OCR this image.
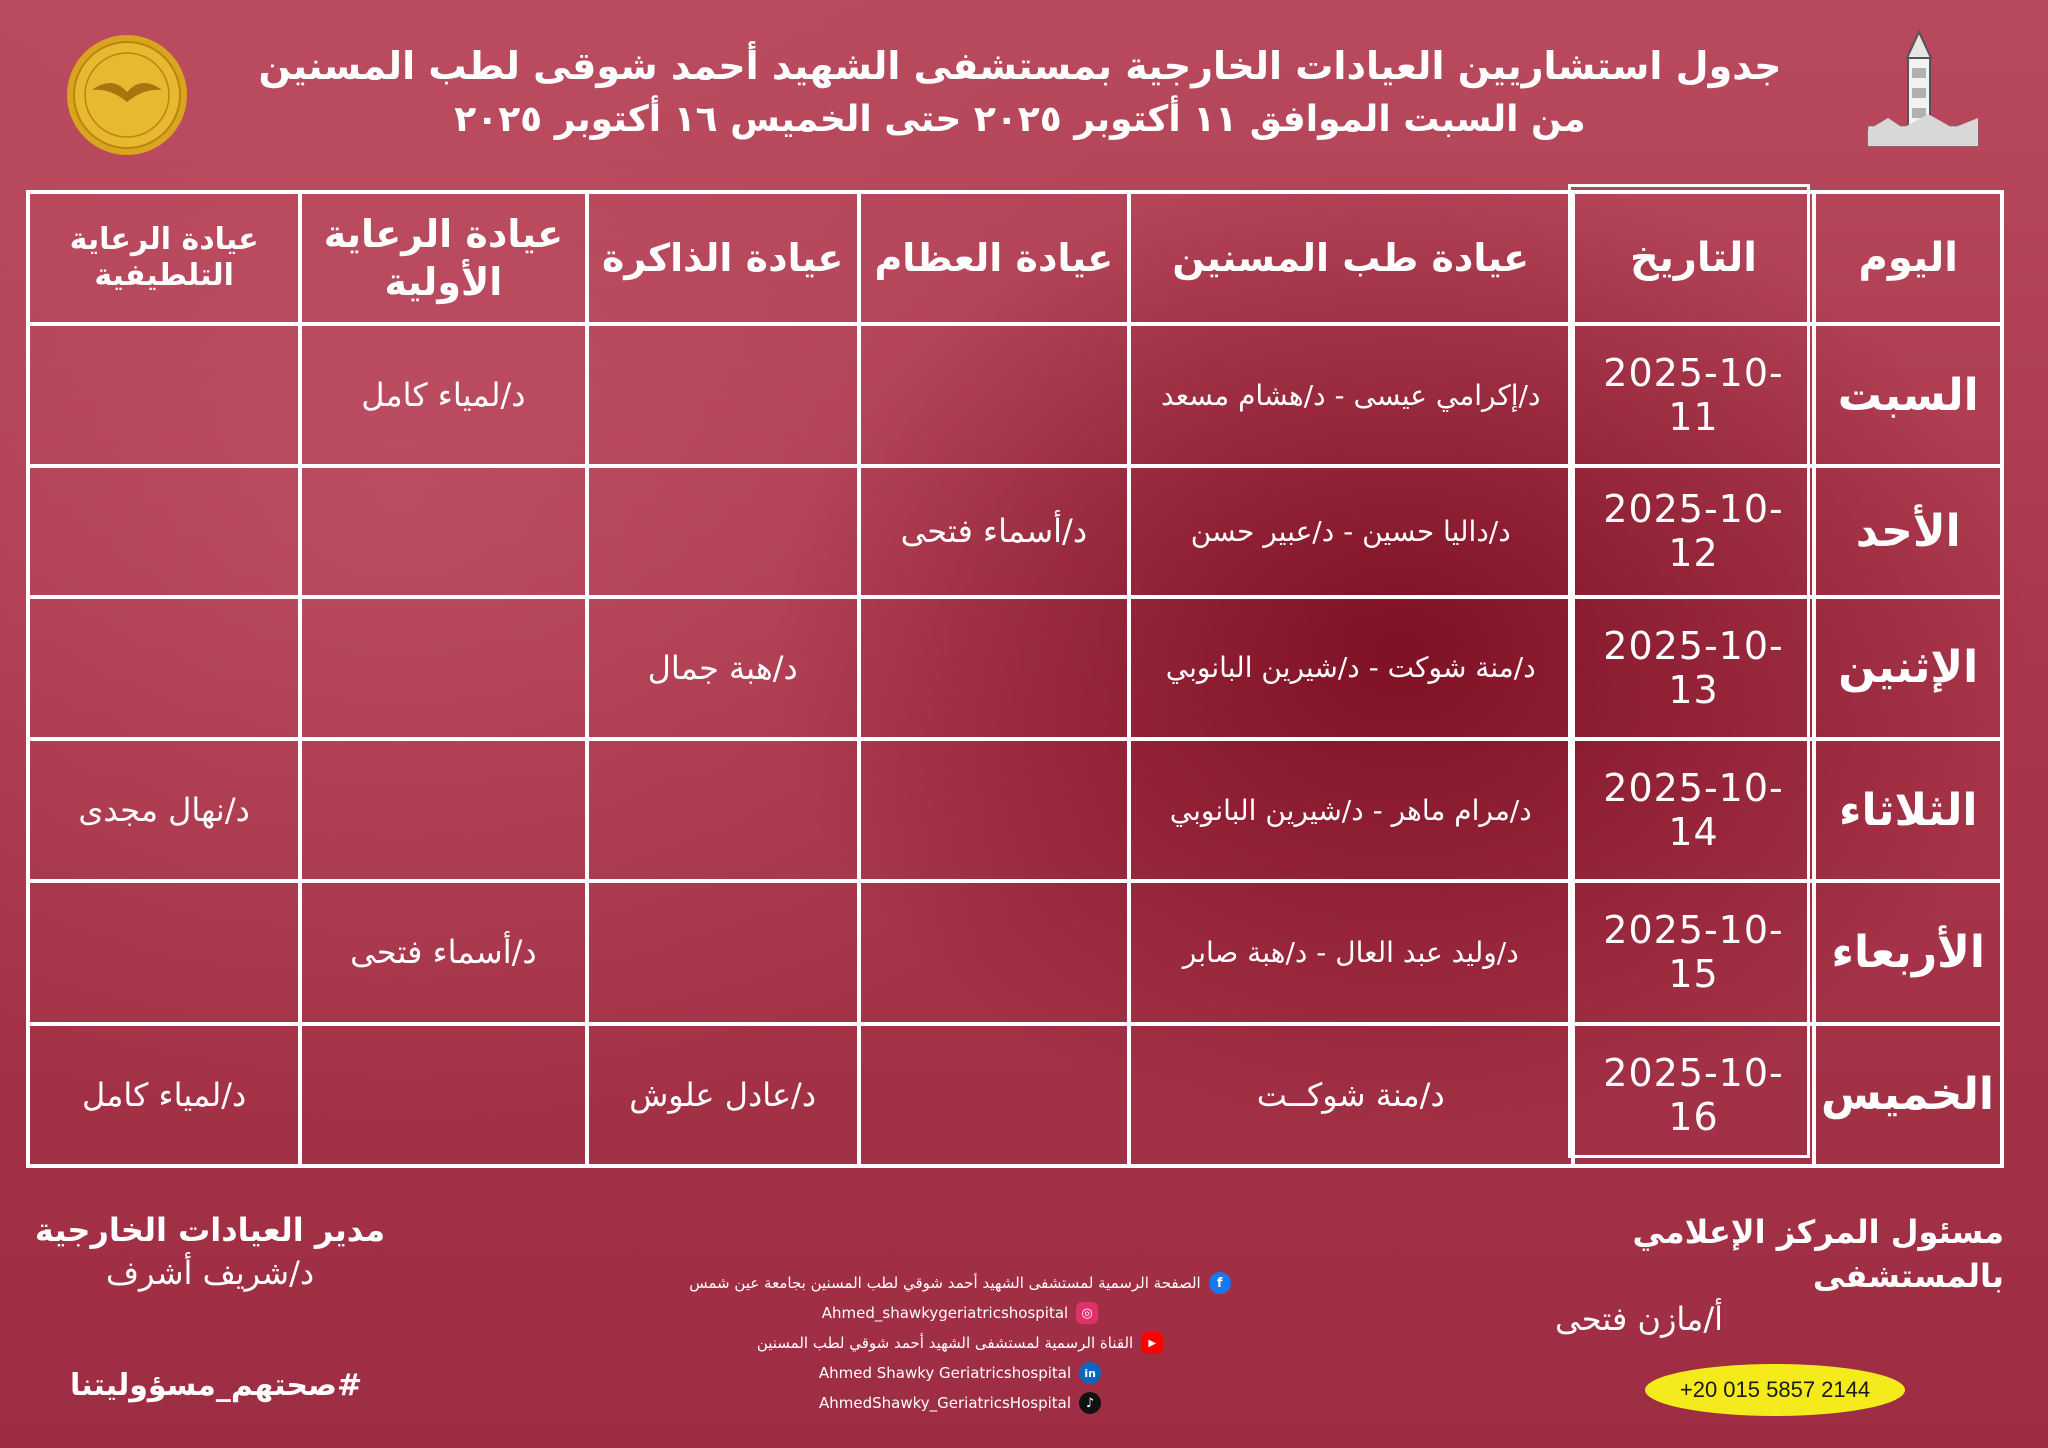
جدول استشاريين العيادات الخارجية بمستشفى الشهيد أحمد شوقى لطب المسنين
من السبت الموافق ١١ أكتوبر ٢٠٢٥ حتى الخميس ١٦ أكتوبر ٢٠٢٥
اليوم	التاريخ	عيادة طب المسنين	عيادة العظام	عيادة الذاكرة	عيادة الرعاية الأولية	عيادة الرعاية التلطيفية
السبت	2025-10-11	د/إكرامي عيسى - د/هشام مسعد			د/لمياء كامل	
الأحد	2025-10-12	د/داليا حسين - د/عبير حسن	د/أسماء فتحى			
الإثنين	2025-10-13	د/منة شوكت - د/شيرين البانوبي		د/هبة جمال		
الثلاثاء	2025-10-14	د/مرام ماهر - د/شيرين البانوبي				د/نهال مجدى
الأربعاء	2025-10-15	د/وليد عبد العال - د/هبة صابر			د/أسماء فتحى	
الخميس	2025-10-16	د/منة شوكــت		د/عادل علوش		د/لمياء كامل
مسئول المركز الإعلامي بالمستشفى
أ/مازن فتحى
مدير العيادات الخارجية
د/شريف أشرف
#صحتهم_مسؤوليتنا
f
الصفحة الرسمية لمستشفى الشهيد أحمد شوقي لطب المسنين بجامعة عين شمس
◎
Ahmed_shawkygeriatricshospital
▶
القناة الرسمية لمستشفى الشهيد أحمد شوقي لطب المسنين
in
Ahmed Shawky Geriatricshospital
♪
AhmedShawky_GeriatricsHospital
+20 015 5857 2144
